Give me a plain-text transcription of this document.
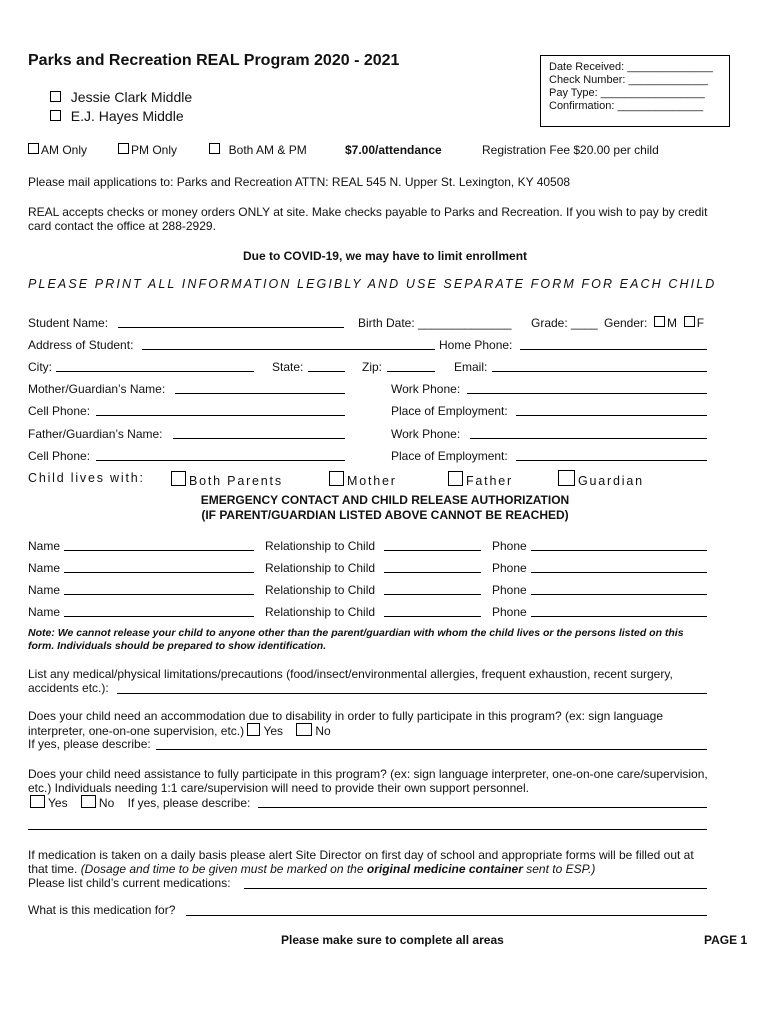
Parks and Recreation REAL Program 2020 - 2021
Jessie Clark Middle
E.J. Hayes Middle
Date Received: ______________
Check Number: _____________
Pay Type: _________________
Confirmation: ______________
AM Only	PM Only	Both AM & PM	$7.00/attendance	Registration Fee $20.00 per child
Please mail applications to: Parks and Recreation ATTN: REAL 545 N. Upper St. Lexington, KY 40508
REAL accepts checks or money orders ONLY at site. Make checks payable to Parks and Recreation. If you wish to pay by credit
card contact the office at 288-2929.
Due to COVID-19, we may have to limit enrollment
PLEASE PRINT ALL INFORMATION LEGIBLY AND USE SEPARATE FORM FOR EACH CHILD
Student Name:	Birth Date: ______________ Grade: ____ Gender: M F
Address of Student:	Home Phone:
City:	State:	Zip:	Email:
Mother/Guardian’s Name:	Work Phone:
Cell Phone:	Place of Employment:
Father/Guardian’s Name:	Work Phone:
Cell Phone:	Place of Employment:
Child lives with:	Both Parents	Mother	Father	Guardian
EMERGENCY CONTACT AND CHILD RELEASE AUTHORIZATION
(IF PARENT/GUARDIAN LISTED ABOVE CANNOT BE REACHED)
Name	Relationship to Child	Phone
Name	Relationship to Child	Phone
Name	Relationship to Child	Phone
Name	Relationship to Child	Phone
Note: We cannot release your child to anyone other than the parent/guardian with whom the child lives or the persons listed on this
form. Individuals should be prepared to show identification.
List any medical/physical limitations/precautions (food/insect/environmental allergies, frequent exhaustion, recent surgery,
accidents etc.):
Does your child need an accommodation due to disability in order to fully participate in this program? (ex: sign language
interpreter, one-on-one supervision, etc.) Yes	No
If yes, please describe:
Does your child need assistance to fully participate in this program? (ex: sign language interpreter, one-on-one care/supervision,
etc.) Individuals needing 1:1 care/supervision will need to provide their own support personnel.
Yes	No If yes, please describe:
If medication is taken on a daily basis please alert Site Director on first day of school and appropriate forms will be filled out at
that time. (Dosage and time to be given must be marked on the original medicine container sent to ESP.)
Please list child’s current medications:
What is this medication for?
Please make sure to complete all areas	PAGE 1
